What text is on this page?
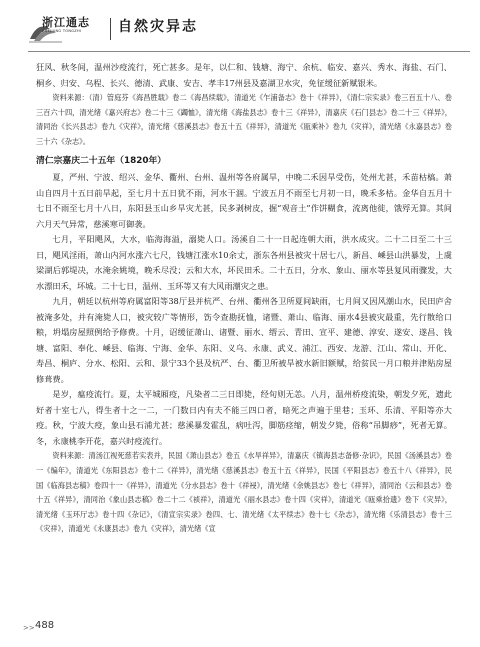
浙江通志
ZHEJIANG TONGZHI	自然灾异志

狂风、秋冬间，温州沙疫流行，死亡甚多。是年，以仁和、钱塘、海宁、余杭、临安、嘉兴、秀水、海盐、石门、桐乡、归安、乌程、长兴、德清、武康、安吉、孝丰17州县及嘉湖卫水灾，免征缓征新赋银米。

资料来源：（清）管庭芬《海昌胜载》卷二《海昌续载》，清道光《乍浦备志》卷十《祥异》，《清仁宗实录》卷三百五十八、卷三百六十四，清光绪《嘉兴府志》卷二十三《蠲恤》，清光绪《海盐县志》卷十三《祥异》，清嘉庆《石门县志》卷二十三《祥异》，清同治《长兴县志》卷九《灾祥》，清光绪《慈溪县志》卷五十五《祥异》，清道光《瓯乘补》卷九《灾祥》，清光绪《永嘉县志》卷三十六《杂志》。

清仁宗嘉庆二十五年（1820年）

夏，严州、宁波、绍兴、金华、衢州、台州、温州等各府属旱，中晚二禾因旱受伤，处州尤甚，禾苗枯槁。萧山自四月十五日前旱起，至七月十五日犹不雨，河水干涸。宁波五月不雨至七月初一日，晚禾多枯。金华自五月十七日不雨至七月十八日，东阳县玉山乡旱灾尤甚，民多剥树皮，掘“观音土”作饼糊食，流离他徙，饿殍无算。其间六月天气异常，慈溪寒可御袭。

七月，平阳飓风，大水，临海海溢，溺毙人口。汤溪自二十一日起连朝大雨，洪水成灾。二十二日至二十三日，飓风淫雨，萧山内河水涨六七尺，钱塘江涨水10余丈，浙东各州县被灾十居七八，新昌、嵊县山洪暴发，上虞梁湖后郭堤决，水淹余姚境，晚禾尽没；云和大水，坏民田禾。二十五日，分水、象山、丽水等县复风雨骤发，大水漂田禾，坏城。二十七日，温州、玉环等又有大风雨潮灾之患。

九月，朝廷以杭州等府属富阳等38厅县并杭严、台州、衢州各卫所夏间缺雨，七月间又因风潮山水，民田庐舍被淹多处，并有淹毙人口，被灾较广等情形，饬令查勘抚恤，诸暨、萧山、临海、丽水4县被灾最重，先行散给口粮，坍塌房屋照例给予修费。十月，诏缓征萧山、诸暨、丽水、缙云、青田、宣平、建德、淳安、遂安、遂昌、钱塘、富阳、奉化、嵊县、临海、宁海、金华、东阳、义乌、永康、武义、浦江、西安、龙游、江山、常山、开化、寿昌、桐庐、分水、松阳、云和、景宁33个县及杭严、台、衢卫所被旱被水新旧额赋，给贫民一月口粮并津贴房屋修葺费。

是岁，瘟疫流行。夏，太平城厢疫，凡染者二三日即毙，经旬则无恙。八月，温州桥疫流染，朝发夕死，遗此好者十室七八，得生者十之一二，一门数日内有夫不能三四口者，暗死之声遍于里巷；玉环、乐清、平阳等亦大疫。秋，宁波大疫，象山县石浦尤甚；慈溪暴发霍乱，病吐泻，脚筋痉缩，朝发夕毙，俗称“吊脚痧”，死者无算。冬，永康桃李开花，嘉兴时疫流行。

资料来源：清汤江视死慈若实表并，民国《萧山县志》卷五《水旱祥异》，清嘉庆《镇海县志备修·杂识》，民国《汤溪县志》卷一《编年》，清道光《东阳县志》卷十二《祥异》，清光绪《慈溪县志》卷五十五《祥异》，民国《平阳县志》卷五十八《祥异》，民国《临海县志稿》卷四十一《祥异》，清道光《分水县志》卷十《祥祲》，清光绪《余姚县志》卷七《祥异》，清同治《云和县志》卷十五《祥异》，清同治《象山县志稿》卷二十二《祯祥》，清道光《丽水县志》卷十四《灾祥》，清道光《瓯乘拾遗》卷下《灾异》，清光绪《玉环厅志》卷十四《杂记》，《清宣宗实录》卷四、七、清光绪《太平续志》卷十七《杂志》，清光绪《乐清县志》卷十三《灾祥》，清道光《永康县志》卷九《灾祥》，清光绪《宣

>> 488
